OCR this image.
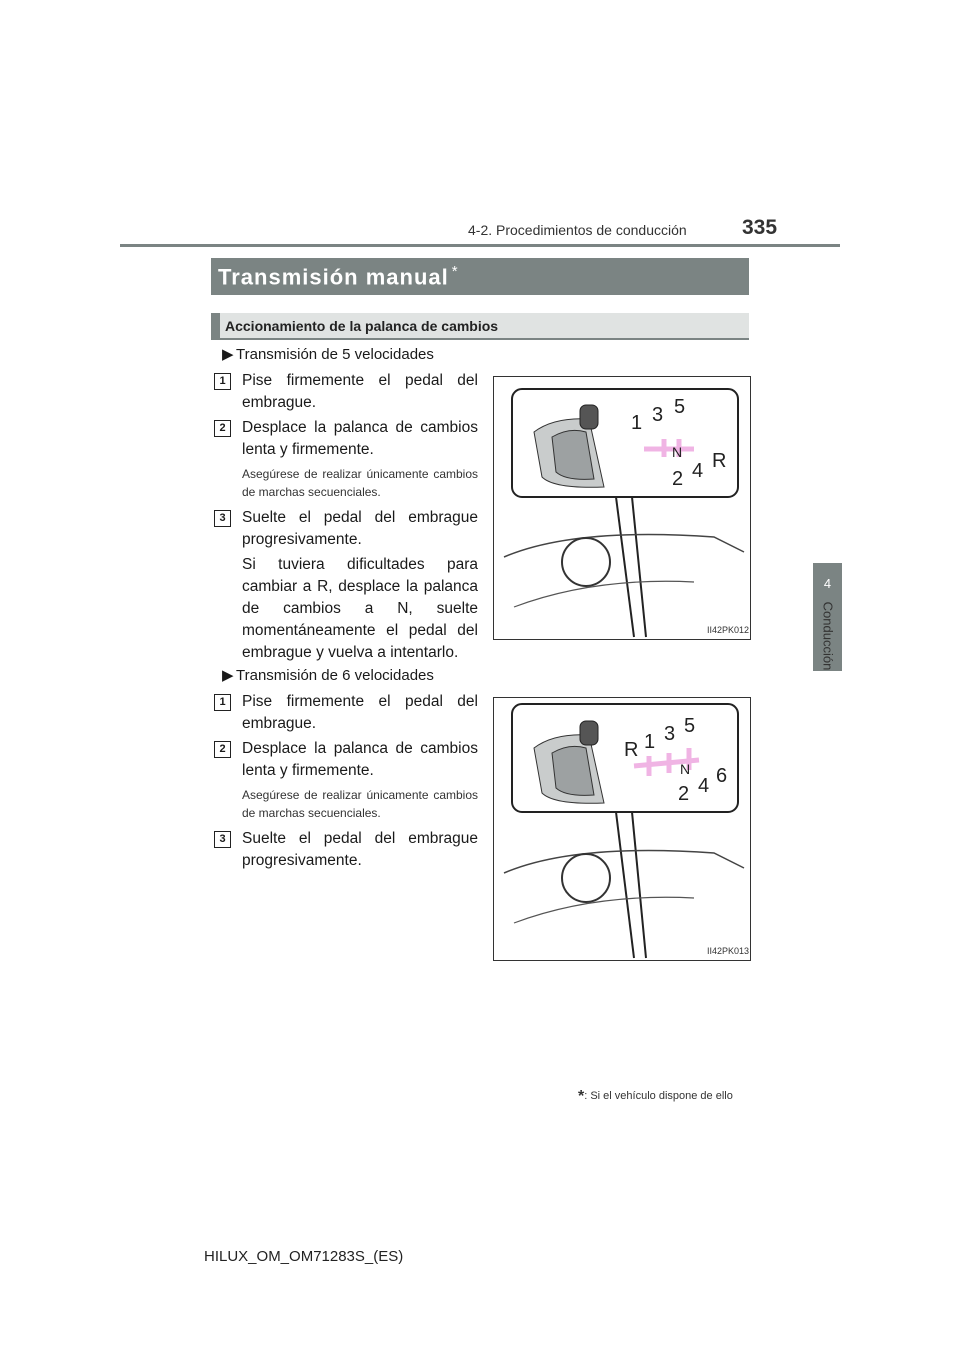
4-2. Procedimientos de conducción	335
4
Conducción
Transmisión manual *
Accionamiento de la palanca de cambios
▶ Transmisión de 5 velocidades
1	Pise firmemente el pedal del embrague.
2	Desplace la palanca de cambios lenta y firmemente.
Asegúrese de realizar únicamente cambios de marchas secuenciales.
3	Suelte el pedal del embrague progresivamente.
Si tuviera dificultades para cambiar a R, desplace la palanca de cambios a N, suelte momentáneamente el pedal del embrague y vuelva a intentarlo.
1 3 5
N
2 4 R
II42PK012
▶ Transmisión de 6 velocidades
1	Pise firmemente el pedal del embrague.
2	Desplace la palanca de cambios lenta y firmemente.
Asegúrese de realizar únicamente cambios de marchas secuenciales.
3	Suelte el pedal del embrague progresivamente.
R 1 3 5
N
2 4 6
II42PK013
*: Si el vehículo dispone de ello
HILUX_OM_OM71283S_(ES)
